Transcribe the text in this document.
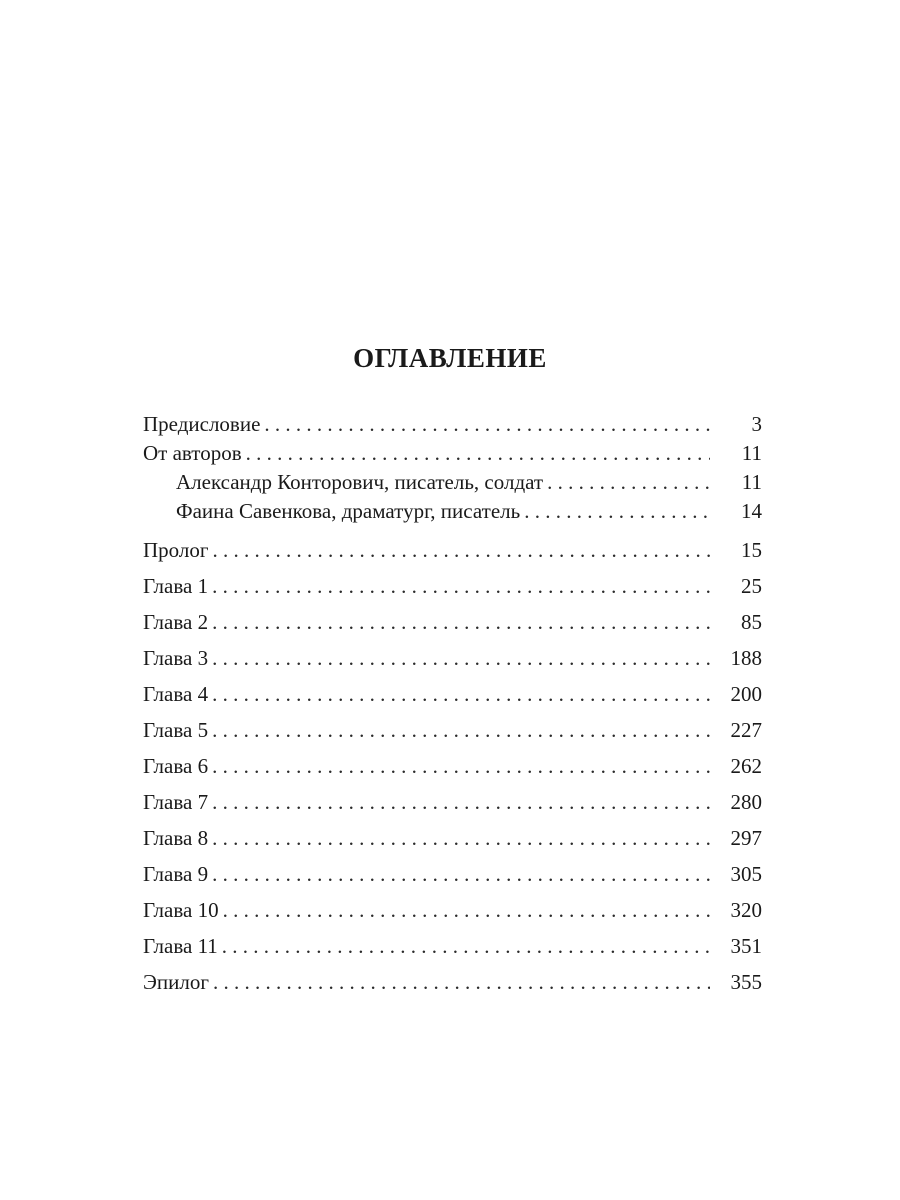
ОГЛАВЛЕНИЕ
Предисловие . . .	3
От авторов . . .	11
Александр Конторович, писатель, солдат . . .	11
Фаина Савенкова, драматург, писатель . . .	14
Пролог . . .	15
Глава 1 . . .	25
Глава 2 . . .	85
Глава 3 . . .	188
Глава 4 . . .	200
Глава 5 . . .	227
Глава 6 . . .	262
Глава 7 . . .	280
Глава 8 . . .	297
Глава 9 . . .	305
Глава 10 . . .	320
Глава 11 . . .	351
Эпилог . . .	355
